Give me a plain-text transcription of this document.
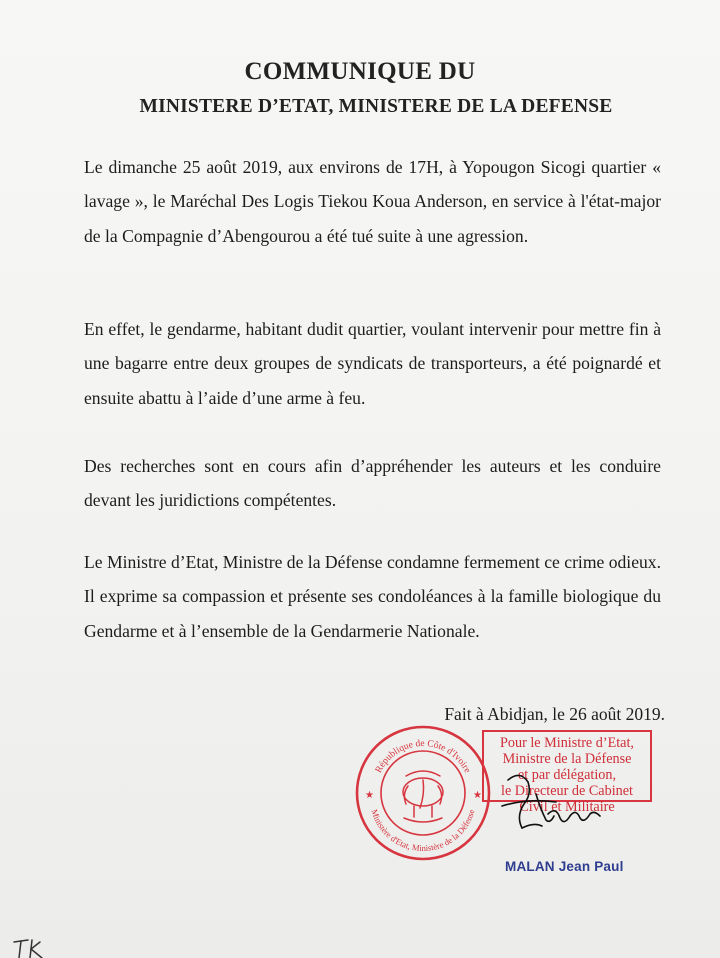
COMMUNIQUE DU
MINISTERE D’ETAT, MINISTERE DE LA DEFENSE

Le dimanche 25 août 2019, aux environs de 17H, à Yopougon Sicogi quartier « lavage », le Maréchal Des Logis Tiekou Koua Anderson, en service à l'état-major de la Compagnie d’Abengourou a été tué suite à une agression.

En effet, le gendarme, habitant dudit quartier, voulant intervenir pour mettre fin à une bagarre entre deux groupes de syndicats de transporteurs, a été poignardé et ensuite abattu à l’aide d’une arme à feu.

Des recherches sont en cours afin d’appréhender les auteurs et les conduire devant les juridictions compétentes.

Le Ministre d’Etat, Ministre de la Défense condamne fermement ce crime odieux. Il exprime sa compassion et présente ses condoléances à la famille biologique du Gendarme et à l’ensemble de la Gendarmerie Nationale.

Fait à Abidjan, le 26 août 2019.
République de Côte d'Ivoire
Ministère d'Etat, Ministère de la Défense
★	★
Pour le Ministre d’Etat,
Ministre de la Défense
et par délégation,
le Directeur de Cabinet
Civil et Militaire
MALAN Jean Paul
